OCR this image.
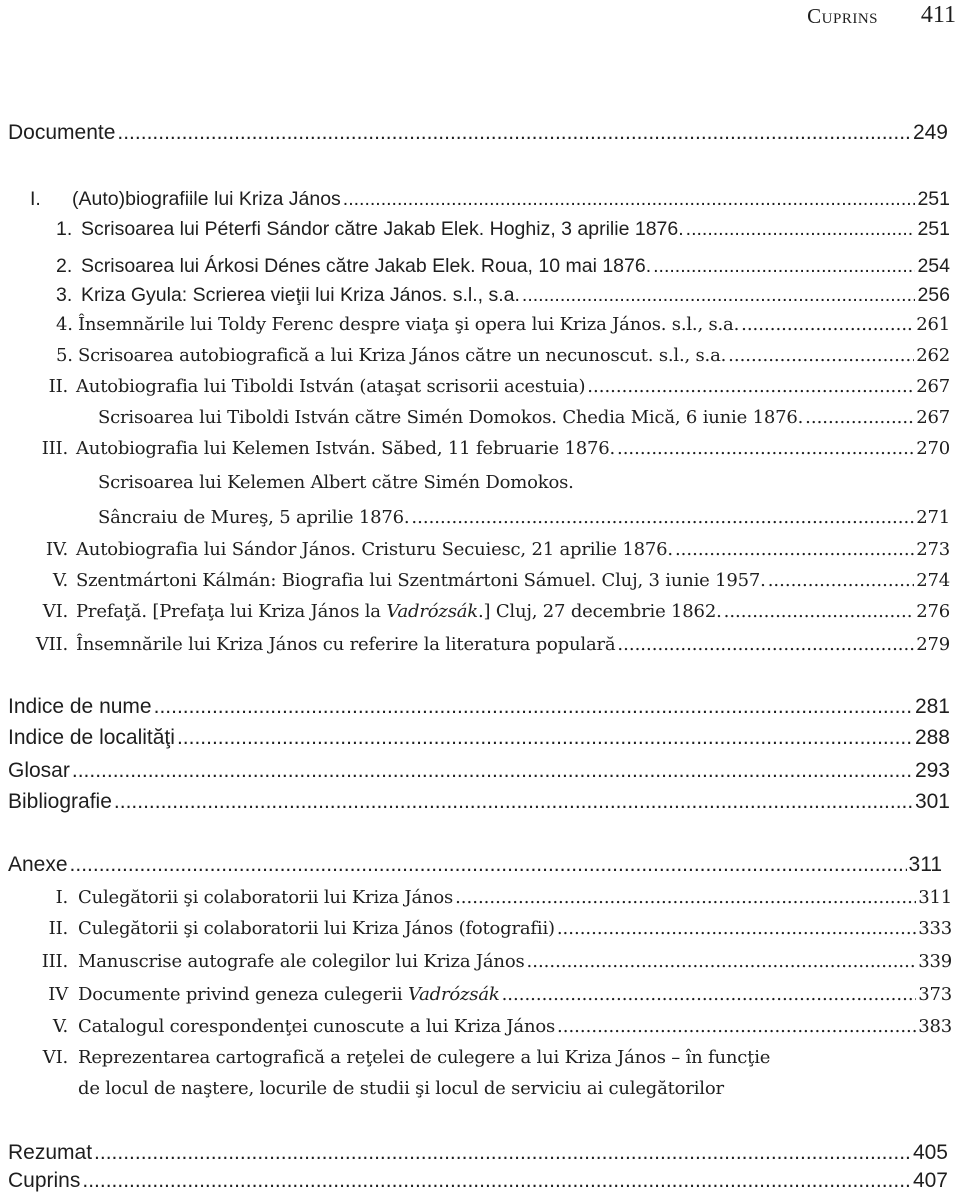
Cuprins 411
Documente .....	249
I.	(Auto)biografiile lui Kriza János .....	251
1. Scrisoarea lui Péterfi Sándor către Jakab Elek. Hoghiz, 3 aprilie 1876. .....	251
2. Scrisoarea lui Árkosi Dénes către Jakab Elek. Roua, 10 mai 1876. .....	254
3. Kriza Gyula: Scrierea vieţii lui Kriza János. s.l., s.a. .....	256
4. Însemnările lui Toldy Ferenc despre viaţa şi opera lui Kriza János. s.l., s.a. .....	261
5. Scrisoarea autobiografică a lui Kriza János către un necunoscut. s.l., s.a. .....	262
II. Autobiografia lui Tiboldi István (ataşat scrisorii acestuia) .....	267
Scrisoarea lui Tiboldi István către Simén Domokos. Chedia Mică, 6 iunie 1876. .....	267
III. Autobiografia lui Kelemen István. Săbed, 11 februarie 1876. .....	270
Scrisoarea lui Kelemen Albert către Simén Domokos.
Sâncraiu de Mureş, 5 aprilie 1876. .....	271
IV. Autobiografia lui Sándor János. Cristuru Secuiesc, 21 aprilie 1876. .....	273
V. Szentmártoni Kálmán: Biografia lui Szentmártoni Sámuel. Cluj, 3 iunie 1957. .....	274
VI. Prefaţă. [Prefaţa lui Kriza János la Vadrózsák.] Cluj, 27 decembrie 1862. .....	276
VII. Însemnările lui Kriza János cu referire la literatura populară .....	279
Indice de nume .....	281
Indice de localităţi .....	288
Glosar .....	293
Bibliografie .....	301
Anexe .....	311
I. Culegătorii şi colaboratorii lui Kriza János .....	311
II. Culegătorii şi colaboratorii lui Kriza János (fotografii) .....	333
III. Manuscrise autografe ale colegilor lui Kriza János .....	339
IV Documente privind geneza culegerii Vadrózsák .....	373
V. Catalogul corespondenţei cunoscute a lui Kriza János .....	383
VI. Reprezentarea cartografică a reţelei de culegere a lui Kriza János – în funcţie
de locul de naştere, locurile de studii şi locul de serviciu ai culegătorilor
Rezumat .....	405
Cuprins .....	407
